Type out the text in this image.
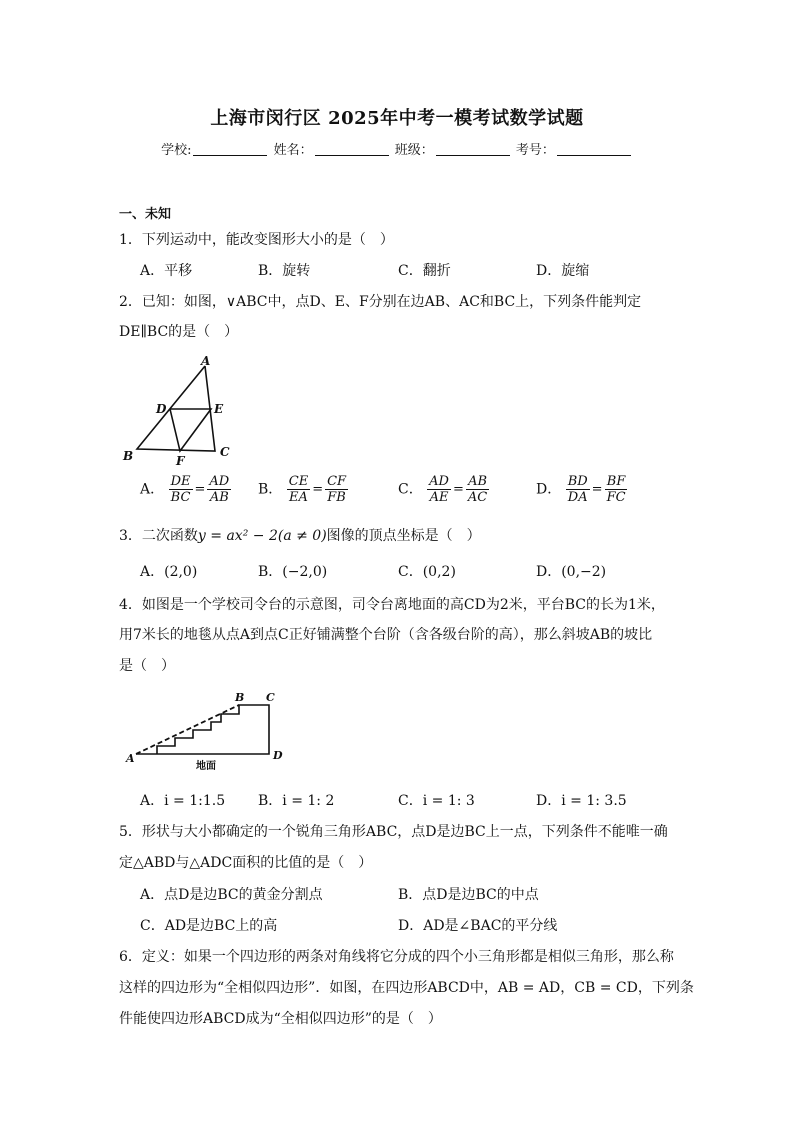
上海市闵行区 2025年中考一模考试数学试题
学校:	姓名：	班级：	考号：
一、未知
1．下列运动中，能改变图形大小的是（　）
A．平移	B．旋转	C．翻折	D．旋缩
2．已知：如图，∨ABC中，点D、E、F分别在边AB、AC和BC上，下列条件能判定
DE∥BC的是（　）
A
B	C
D	E
F
A． $\frac{DE}{BC} = \frac{AD}{AB}$ B． $\frac{CE}{EA} = \frac{CF}{FB}$	C． $\frac{AD}{AE} = \frac{AB}{AC}$	D． $\frac{BD}{DA} = \frac{BF}{FC}$
3．二次函数y = ax² − 2(a ≠ 0)图像的顶点坐标是（　）
A．(2,0)	B．(−2,0)	C．(0,2)	D．(0,−2)
4．如图是一个学校司令台的示意图，司令台离地面的高CD为2米，平台BC的长为1米，
用7米长的地毯从点A到点C正好铺满整个台阶（含各级台阶的高），那么斜坡AB的坡比
是（　）
A
B C
D
地面
A．i = 1:1.5 B．i = 1: 2	C．i = 1: 3	D．i = 1: 3.5
5．形状与大小都确定的一个锐角三角形ABC，点D是边BC上一点，下列条件不能唯一确
定△ABD与△ADC面积的比值的是（　）
A．点D是边BC的黄金分割点	B．点D是边BC的中点
C．AD是边BC上的高	D．AD是∠BAC的平分线
6．定义：如果一个四边形的两条对角线将它分成的四个小三角形都是相似三角形，那么称
这样的四边形为“全相似四边形”．如图，在四边形ABCD中，AB = AD，CB = CD，下列条
件能使四边形ABCD成为“全相似四边形”的是（　）
